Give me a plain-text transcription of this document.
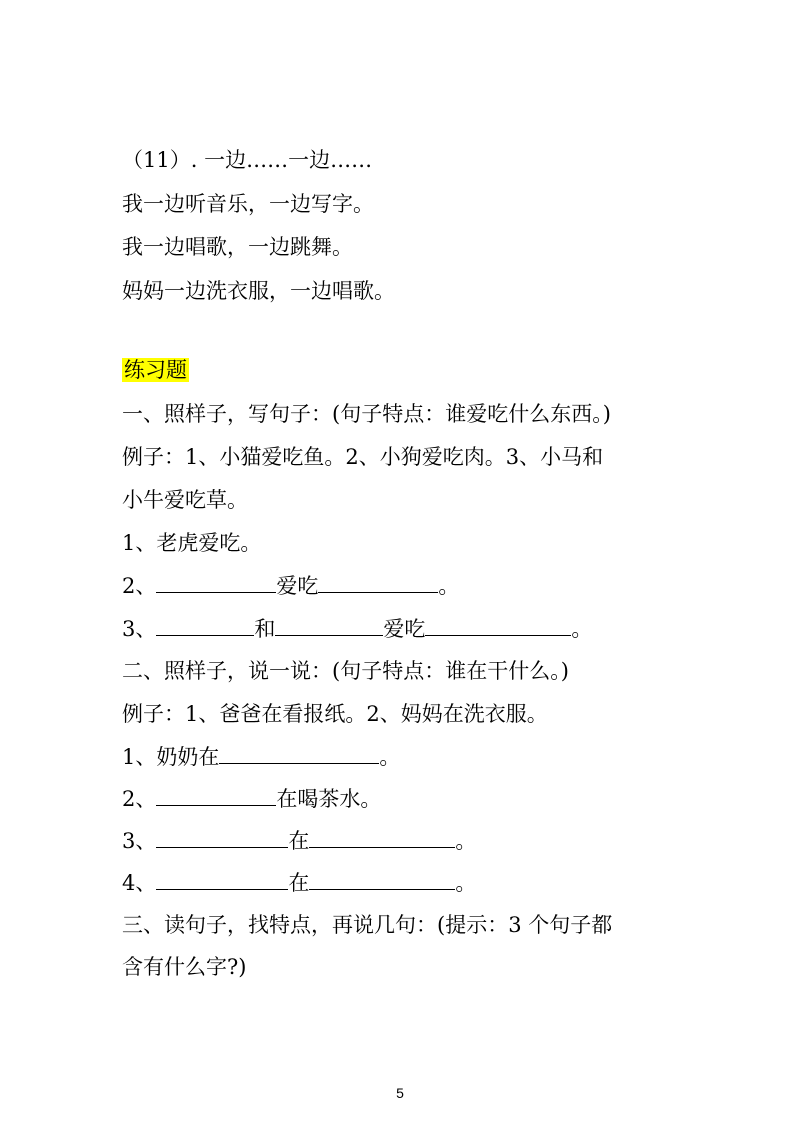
（11）. 一边……一边……
我一边听音乐，一边写字。
我一边唱歌，一边跳舞。
妈妈一边洗衣服，一边唱歌。
练习题
一、照样子，写句子：(句子特点：谁爱吃什么东西。)
例子：1、小猫爱吃鱼。2、小狗爱吃肉。3、小马和
小牛爱吃草。
1、老虎爱吃。
2、	爱吃	。
3、	和	爱吃	。
二、照样子，说一说：(句子特点：谁在干什么。)
例子：1、爸爸在看报纸。2、妈妈在洗衣服。
1、奶奶在	。
2、	在喝茶水。
3、	在	。
4、	在	。
三、读句子，找特点，再说几句：(提示：3 个句子都
含有什么字?)
5
